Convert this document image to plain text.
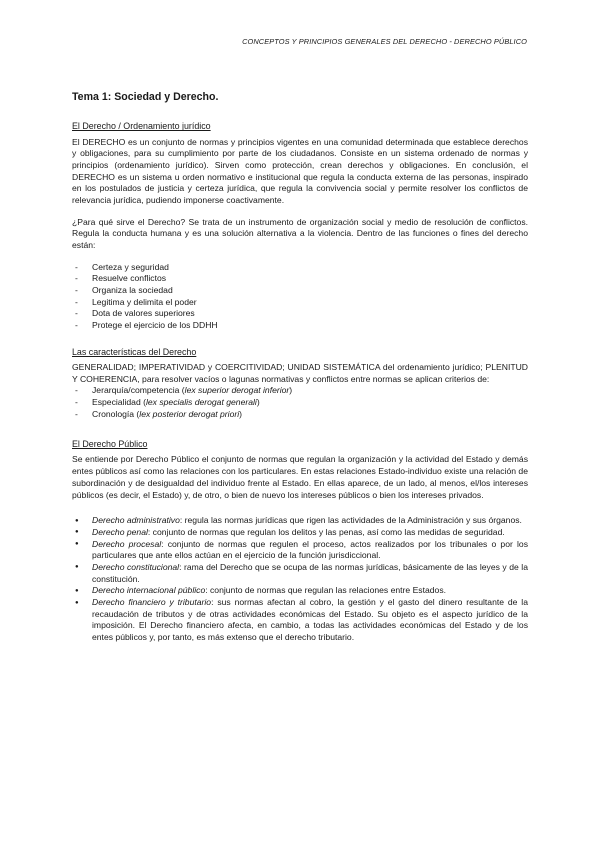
CONCEPTOS Y PRINCIPIOS GENERALES DEL DERECHO - DERECHO PÚBLICO
Tema 1: Sociedad y Derecho.
El Derecho / Ordenamiento jurídico

El DERECHO es un conjunto de normas y principios vigentes en una comunidad determinada que establece derechos y obligaciones, para su cumplimiento por parte de los ciudadanos. Consiste en un sistema ordenado de normas y principios (ordenamiento jurídico). Sirven como protección, crean derechos y obligaciones. En conclusión, el DERECHO es un sistema u orden normativo e institucional que regula la conducta externa de las personas, inspirado en los postulados de justicia y certeza jurídica, que regula la convivencia social y permite resolver los conflictos de relevancia jurídica, pudiendo imponerse coactivamente.

¿Para qué sirve el Derecho? Se trata de un instrumento de organización social y medio de resolución de conflictos. Regula la conducta humana y es una solución alternativa a la violencia. Dentro de las funciones o fines del derecho están:

- Certeza y seguridad
- Resuelve conflictos
- Organiza la sociedad
- Legitima y delimita el poder
- Dota de valores superiores
- Protege el ejercicio de los DDHH
Las características del Derecho

GENERALIDAD; IMPERATIVIDAD y COERCITIVIDAD; UNIDAD SISTEMÁTICA del ordenamiento jurídico; PLENITUD Y COHERENCIA, para resolver vacíos o lagunas normativas y conflictos entre normas se aplican criterios de:

- Jerarquía/competencia (lex superior derogat inferior)
- Especialidad (lex specialis derogat generali)
- Cronología (lex posterior derogat priori)
El Derecho Público

Se entiende por Derecho Público el conjunto de normas que regulan la organización y la actividad del Estado y demás entes públicos así como las relaciones con los particulares. En estas relaciones Estado-individuo existe una relación de subordinación y de desigualdad del individuo frente al Estado. En ellas aparece, de un lado, al menos, el/los intereses públicos (es decir, el Estado) y, de otro, o bien de nuevo los intereses públicos o bien los intereses privados.

● Derecho administrativo: regula las normas jurídicas que rigen las actividades de la Administración y sus órganos.
● Derecho penal: conjunto de normas que regulan los delitos y las penas, así como las medidas de seguridad.
● Derecho procesal: conjunto de normas que regulen el proceso, actos realizados por los tribunales o por los particulares que ante ellos actúan en el ejercicio de la función jurisdiccional.
● Derecho constitucional: rama del Derecho que se ocupa de las normas jurídicas, básicamente de las leyes y de la constitución.
● Derecho internacional público: conjunto de normas que regulan las relaciones entre Estados.
● Derecho financiero y tributario: sus normas afectan al cobro, la gestión y el gasto del dinero resultante de la recaudación de tributos y de otras actividades económicas del Estado. Su objeto es el aspecto jurídico de la imposición. El Derecho financiero afecta, en cambio, a todas las actividades económicas del Estado y de los entes públicos y, por tanto, es más extenso que el derecho tributario.
